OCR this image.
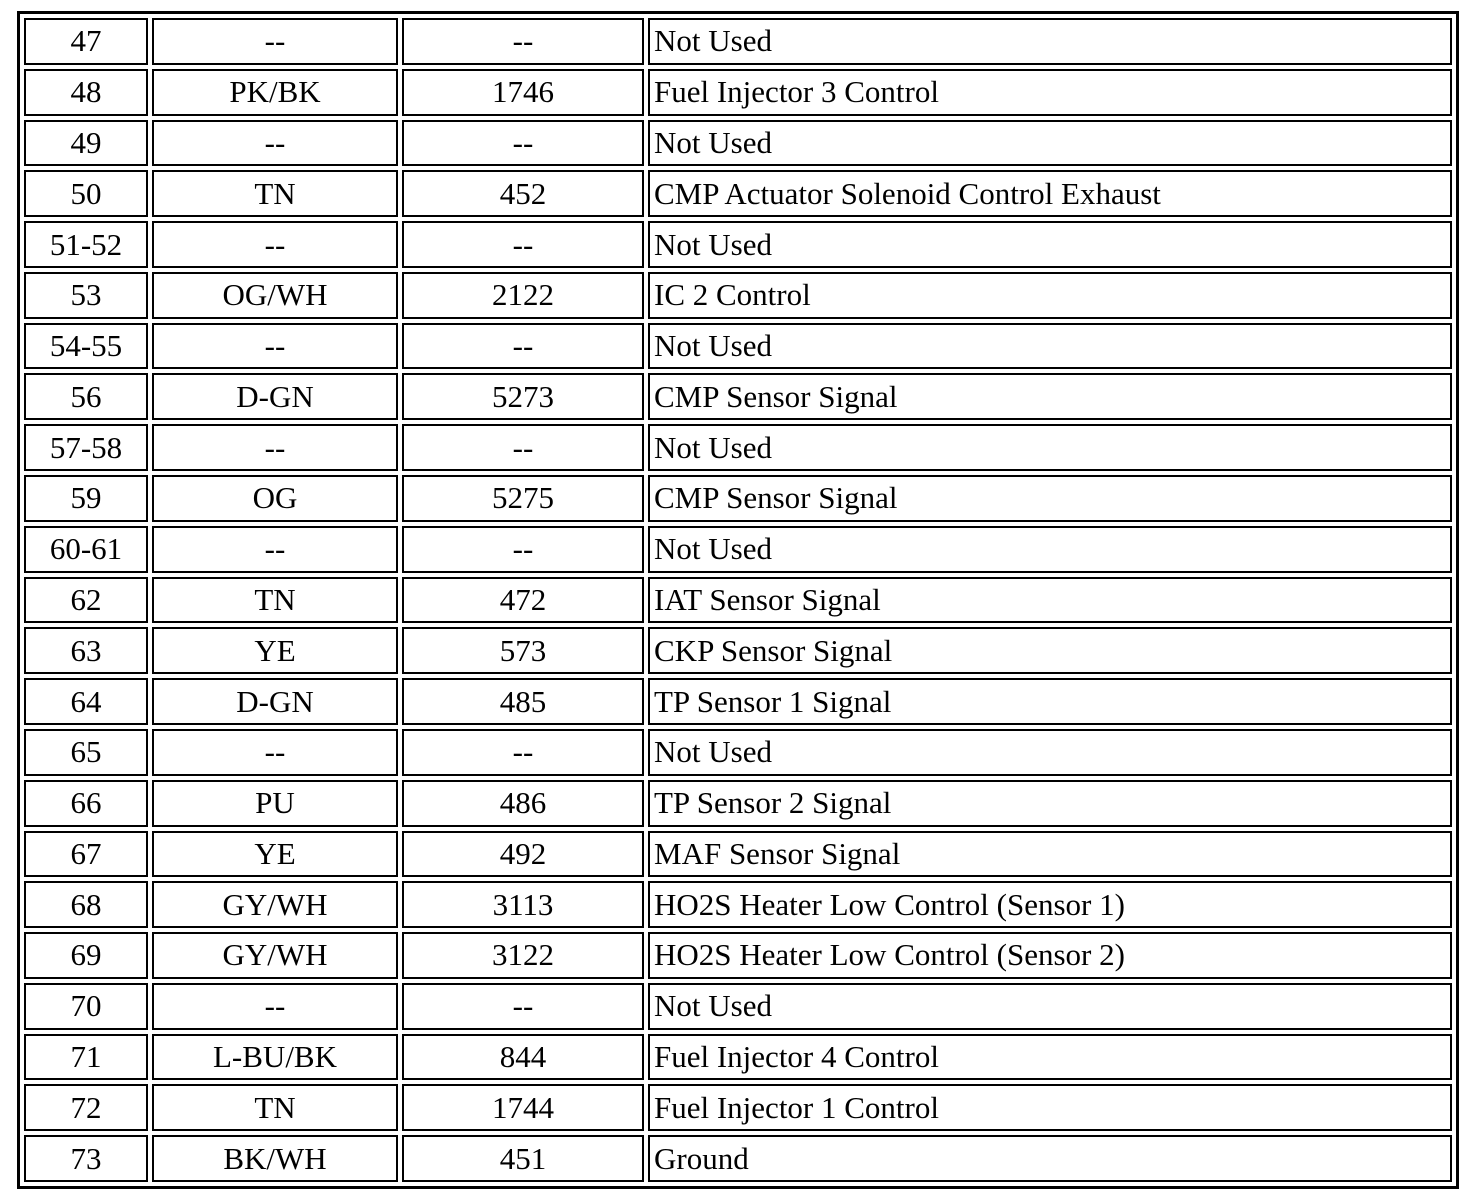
47	--	--	Not Used
48	PK/BK	1746	Fuel Injector 3 Control
49	--	--	Not Used
50	TN	452	CMP Actuator Solenoid Control Exhaust
51-52	--	--	Not Used
53	OG/WH	2122	IC 2 Control
54-55	--	--	Not Used
56	D-GN	5273	CMP Sensor Signal
57-58	--	--	Not Used
59	OG	5275	CMP Sensor Signal
60-61	--	--	Not Used
62	TN	472	IAT Sensor Signal
63	YE	573	CKP Sensor Signal
64	D-GN	485	TP Sensor 1 Signal
65	--	--	Not Used
66	PU	486	TP Sensor 2 Signal
67	YE	492	MAF Sensor Signal
68	GY/WH	3113	HO2S Heater Low Control (Sensor 1)
69	GY/WH	3122	HO2S Heater Low Control (Sensor 2)
70	--	--	Not Used
71	L-BU/BK	844	Fuel Injector 4 Control
72	TN	1744	Fuel Injector 1 Control
73	BK/WH	451	Ground
